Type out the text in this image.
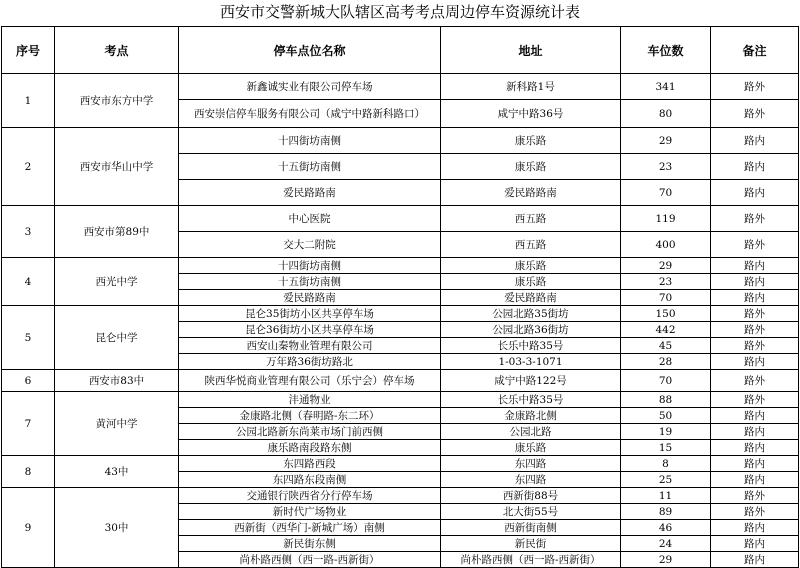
西安市交警新城大队辖区高考考点周边停车资源统计表
序号	考点	停车点位名称	地址	车位数	备注
1	西安市东方中学	新鑫诚实业有限公司停车场	新科路1号	341	路外
		西安崇信停车服务有限公司（咸宁中路新科路口）	咸宁中路36号	80	路外
2	西安市华山中学	十四街坊南侧	康乐路	29	路内
		十五街坊南侧	康乐路	23	路内
		爱民路路南	爱民路路南	70	路内
3	西安市第89中	中心医院	西五路	119	路外
		交大二附院	西五路	400	路外
4	西光中学	十四街坊南侧	康乐路	29	路内
		十五街坊南侧	康乐路	23	路内
		爱民路路南	爱民路路南	70	路内
5	昆仑中学	昆仑35街坊小区共享停车场	公园北路35街坊	150	路外
		昆仑36街坊小区共享停车场	公园北路36街坊	442	路外
		西安山秦物业管理有限公司	长乐中路35号	45	路外
		万年路36街坊路北	1-03-3-1071	28	路内
6	西安市83中	陕西华悦商业管理有限公司（乐宁会）停车场	咸宁中路122号	70	路外
7	黄河中学	沣通物业	长乐中路35号	88	路外
		金康路北侧（春明路-东二环）	金康路北侧	50	路内
		公园北路新东尚莱市场门前西侧	公园北路	19	路内
		康乐路南段路东侧	康乐路	15	路内
8	43中	东四路西段	东四路	8	路内
		东四路东段南侧	东四路	25	路内
9	30中	交通银行陕西省分行停车场	西新街88号	11	路外
		新时代广场物业	北大街55号	89	路外
		西新街（西华门-新城广场）南侧	西新街南侧	46	路内
		新民街东侧	新民街	24	路内
		尚朴路西侧（西一路-西新街）	尚朴路西侧（西一路-西新街）	29	路内
